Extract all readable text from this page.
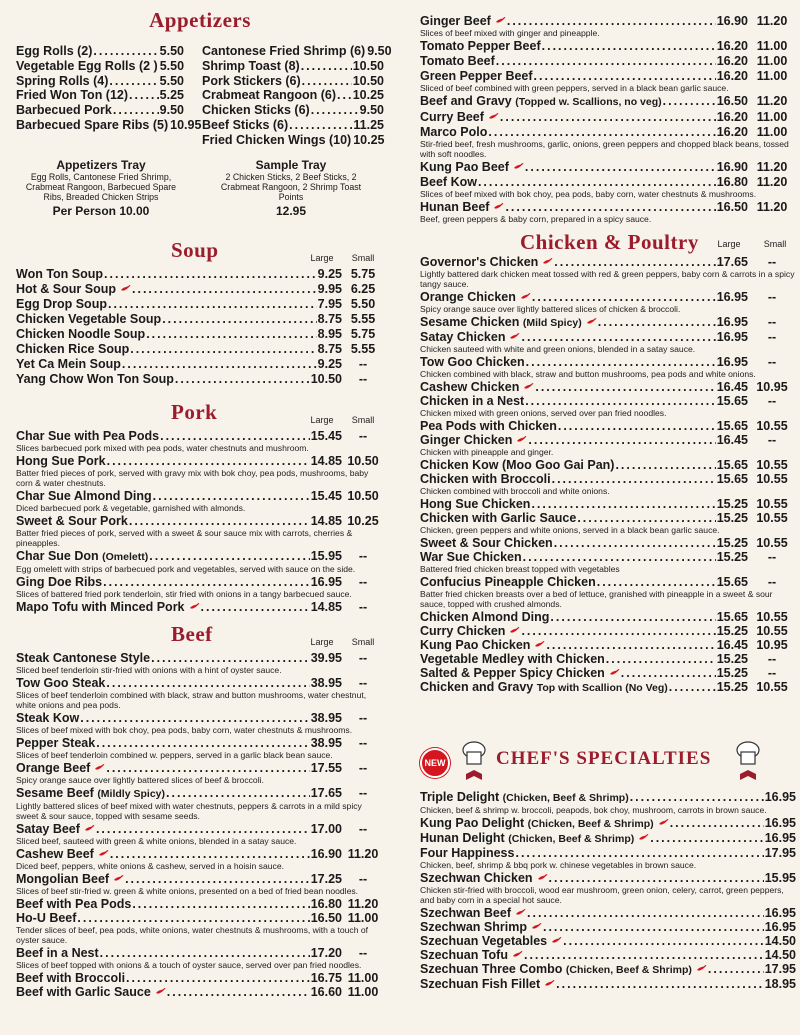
Appetizers
Egg Rolls (2) .....	5.50
Vegetable Egg Rolls (2 ) 5.50
Spring Rolls (4) .....	5.50
Fried Won Ton (12) .....	5.25
Barbecued Pork .....	9.50
Barbecued Spare Ribs (5) 10.95
Cantonese Fried Shrimp (6) 9.50
Shrimp Toast (8) .....	10.50
Pork Stickers (6) .....	10.50
Crabmeat Rangoon (6) ..... 10.25
Chicken Sticks (6) .....	9.50
Beef Sticks (6) .....	11.25
Fried Chicken Wings (10) 10.25
Appetizers Tray
Egg Rolls, Cantonese Fried Shrimp, Crabmeat Rangoon, Barbecued Spare Ribs, Breaded Chicken Strips
Per Person 10.00
Sample Tray
2 Chicken Sticks, 2 Beef Sticks, 2 Crabmeat Rangoon, 2 Shrimp Toast Points
12.95
Soup	Large	Small
Won Ton Soup .....	9.25 5.75
Hot & Sour Soup .....	9.95 6.25
Egg Drop Soup .....	7.95 5.50
Chicken Vegetable Soup .....	8.75 5.55
Chicken Noodle Soup .....	8.95 5.75
Chicken Rice Soup .....	8.75 5.55
Yet Ca Mein Soup .....	9.25	--
Yang Chow Won Ton Soup .....	10.50	--
Pork	Large	Small
Char Sue with Pea Pods .....	15.45	--
Slices barbecued pork mixed with pea pods, water chestnuts and mushroom.
Hong Sue Pork .....	14.85 10.50
Batter fried pieces of pork, served with gravy mix with bok choy, pea pods, mushrooms, baby corn & water chestnuts.
Char Sue Almond Ding .....	15.45 10.50
Diced barbecued pork & vegetable, garnished with almonds.
Sweet & Sour Pork .....	14.85 10.25
Batter fried pieces of pork, served with a sweet & sour sauce mix with carrots, cherries & pineapples.
Char Sue Don (Omelett) .....	15.95	--
Egg omelett with strips of barbecued pork and vegetables, served with sauce on the side.
Ging Doe Ribs .....	16.95	--
Slices of battered fried pork tenderloin, stir fried with onions in a tangy barbecued sauce.
Mapo Tofu with Minced Pork .....	14.85	--
Beef	Large	Small
Steak Cantonese Style .....	39.95	--
Sliced beef tenderloin stir-fried with onions with a hint of oyster sauce.
Tow Goo Steak .....	38.95	--
Slices of beef tenderloin combined with black, straw and button mushrooms, water chestnut, white onions and pea pods.
Steak Kow .....	38.95	--
Slices of beef mixed with bok choy, pea pods, baby corn, water chestnuts & mushrooms.
Pepper Steak .....	38.95	--
Slices of beef tenderloin combined w. peppers, served in a garlic black bean sauce.
Orange Beef .....	17.55	--
Spicy orange sauce over lightly battered slices of beef & broccoli.
Sesame Beef (Mildly Spicy) .....	17.65	--
Lightly battered slices of beef mixed with water chestnuts, peppers & carrots in a mild spicy sweet & sour sauce, topped with sesame seeds.
Satay Beef .....	17.00	--
Sliced beef, sauteed with green & white onions, blended in a satay sauce.
Cashew Beef .....	16.90 11.20
Diced beef, peppers, white onions & cashew, served in a hoisin sauce.
Mongolian Beef .....	17.25	--
Slices of beef stir-fried w. green & white onions, presented on a bed of fried bean noodles.
Beef with Pea Pods .....	16.80 11.20
Ho-U Beef .....	16.50 11.00
Tender slices of beef, pea pods, white onions, water chestnuts & mushrooms, with a touch of oyster sauce.
Beef in a Nest .....	17.20	--
Slices of beef topped with onions & a touch of oyster sauce, served over pan fried noodles.
Beef with Broccoli .....	16.75 11.00
Beef with Garlic Sauce .....	16.60 11.00
Ginger Beef .....	16.90 11.20
Slices of beef mixed with ginger and pineapple.
Tomato Pepper Beef .....	16.20 11.00
Tomato Beef .....	16.20 11.00
Green Pepper Beef .....	16.20 11.00
Sliced of beef combined with green peppers, served in a black bean garlic sauce.
Beef and Gravy (Topped w. Scallions, no veg) .....	16.50 11.20
Curry Beef .....	16.20 11.00
Marco Polo .....	16.20 11.00
Stir-fried beef, fresh mushrooms, garlic, onions, green peppers and chopped black beans, tossed with soft noodles.
Kung Pao Beef .....	16.90 11.20
Beef Kow .....	16.80 11.20
Slices of beef mixed with bok choy, pea pods, baby corn, water chestnuts & mushrooms.
Hunan Beef .....	16.50 11.20
Beef, green peppers & baby corn, prepared in a spicy sauce.
Chicken & Poultry	Large	Small
Governor's Chicken .....	17.65	--
Lightly battered dark chicken meat tossed with red & green peppers, baby corn & carrots in a spicy tangy sauce.
Orange Chicken .....	16.95	--
Spicy orange sauce over lightly battered slices of chicken & broccoli.
Sesame Chicken (Mild Spicy) .....	16.95	--
Satay Chicken .....	16.95	--
Chicken sauteed with white and green onions, blended in a satay sauce.
Tow Goo Chicken .....	16.95	--
Chicken combined with black, straw and button mushrooms, pea pods and white onions.
Cashew Chicken .....	16.45 10.95
Chicken in a Nest .....	15.65	--
Chicken mixed with green onions, served over pan fried noodles.
Pea Pods with Chicken .....	15.65 10.55
Ginger Chicken .....	16.45	--
Chicken with pineapple and ginger.
Chicken Kow (Moo Goo Gai Pan) .....	15.65 10.55
Chicken with Broccoli .....	15.65 10.55
Chicken combined with broccoli and white onions.
Hong Sue Chicken .....	15.25 10.55
Chicken with Garlic Sauce .....	15.25 10.55
Chicken, green peppers and white onions, served in a black bean garlic sauce.
Sweet & Sour Chicken .....	15.25 10.55
War Sue Chicken .....	15.25	--
Battered fried chicken breast topped with vegetables
Confucius Pineapple Chicken .....	15.65	--
Batter fried chicken breasts over a bed of lettuce, granished with pineapple in a sweet & sour sauce, topped with crushed almonds.
Chicken Almond Ding .....	15.65 10.55
Curry Chicken .....	15.25 10.55
Kung Pao Chicken .....	16.45 10.95
Vegetable Medley with Chicken .....	15.25	--
Salted & Pepper Spicy Chicken .....	15.25	--
Chicken and Gravy Top with Scallion (No Veg) .....	15.25 10.55
NEW	CHEF'S SPECIALTIES
Triple Delight (Chicken, Beef & Shrimp) .....	16.95
Chicken, beef & shrimp w. broccoli, peapods, bok choy, mushroom, carrots in brown sauce.
Kung Pao Delight (Chicken, Beef & Shrimp) .....	16.95
Hunan Delight (Chicken, Beef & Shrimp) .....	16.95
Four Happiness .....	17.95
Chicken, beef, shrimp & bbq pork w. chinese vegetables in brown sauce.
Szechwan Chicken .....	15.95
Chicken stir-fried with broccoli, wood ear mushroom, green onion, celery, carrot, green peppers, and baby corn in a special hot sauce.
Szechwan Beef .....	16.95
Szechwan Shrimp .....	16.95
Szechuan Vegetables .....	14.50
Szechuan Tofu .....	14.50
Szechuan Three Combo (Chicken, Beef & Shrimp) .....	17.95
Szechuan Fish Fillet .....	18.95
